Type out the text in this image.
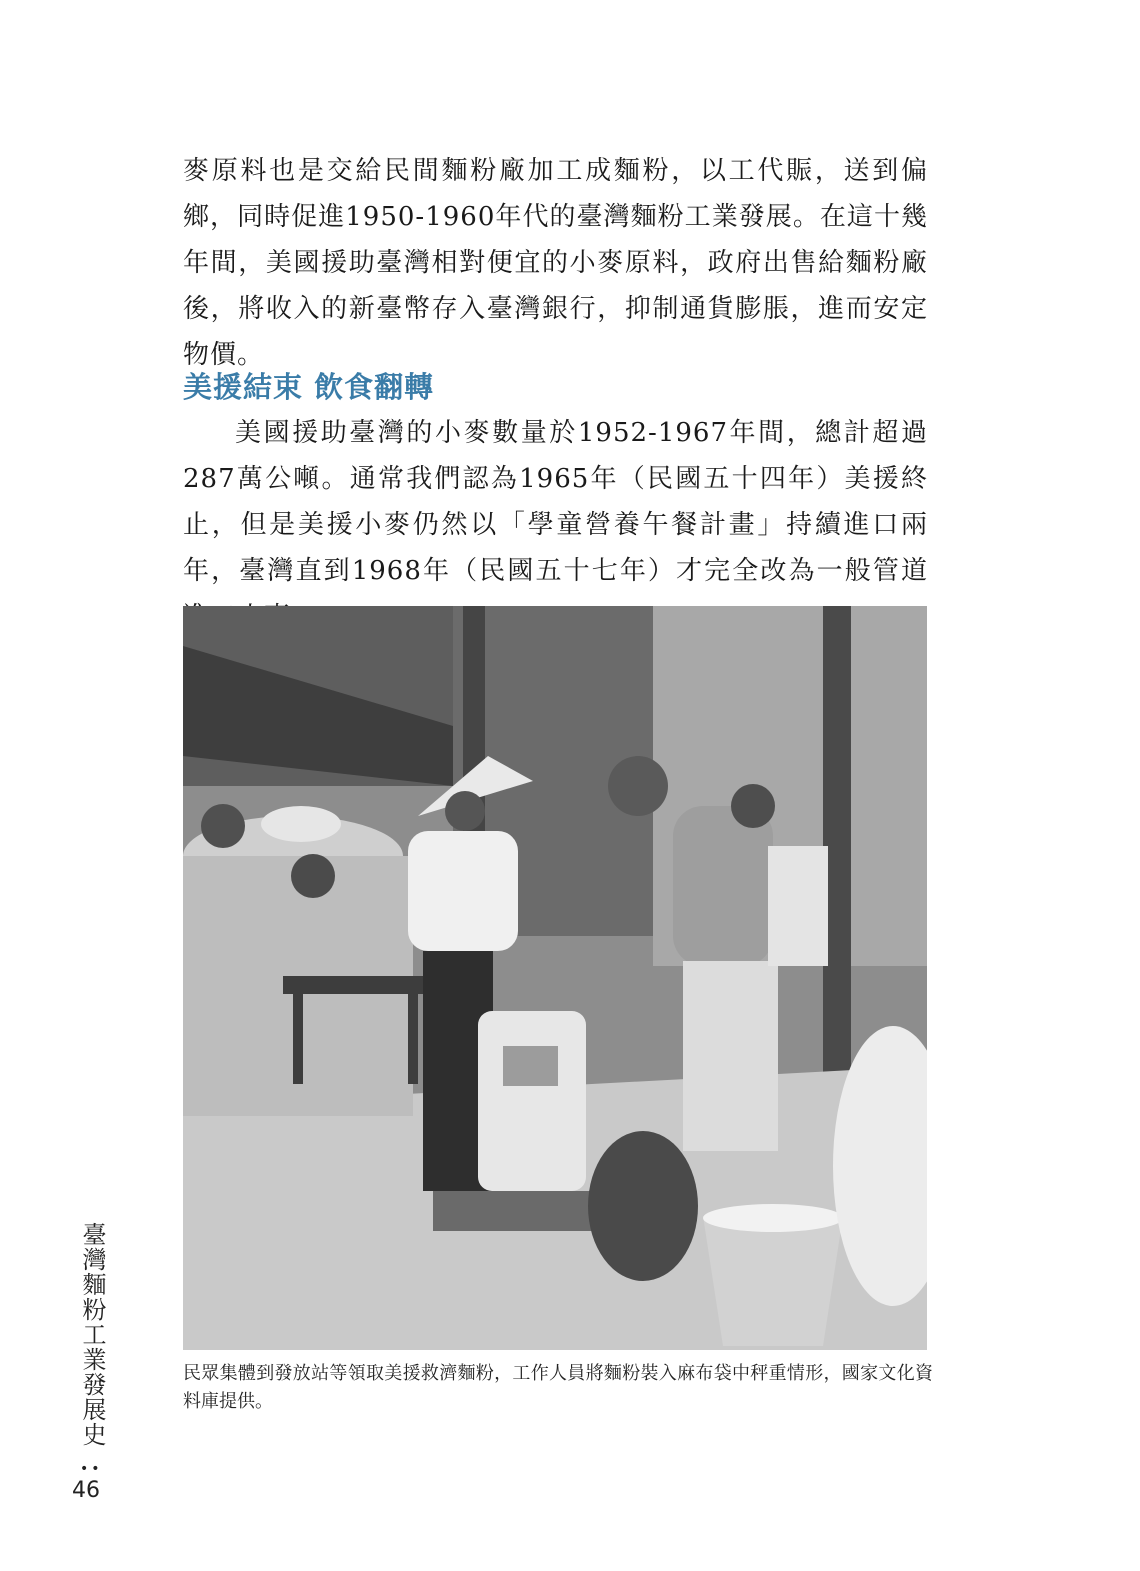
麥原料也是交給民間麵粉廠加工成麵粉，以工代賑，送到偏鄉，同時促進1950-1960年代的臺灣麵粉工業發展。在這十幾年間，美國援助臺灣相對便宜的小麥原料，政府出售給麵粉廠後，將收入的新臺幣存入臺灣銀行，抑制通貨膨脹，進而安定物價。

美援結束 飲食翻轉

美國援助臺灣的小麥數量於1952-1967年間，總計超過287萬公噸。通常我們認為1965年（民國五十四年）美援終止，但是美援小麥仍然以「學童營養午餐計畫」持續進口兩年，臺灣直到1968年（民國五十七年）才完全改為一般管道

民眾集體到發放站等領取美援救濟麵粉，工作人員將麵粉裝入麻布袋中秤重情形，國家文化資料庫提供。

臺灣麵粉工業發展史
••
46
